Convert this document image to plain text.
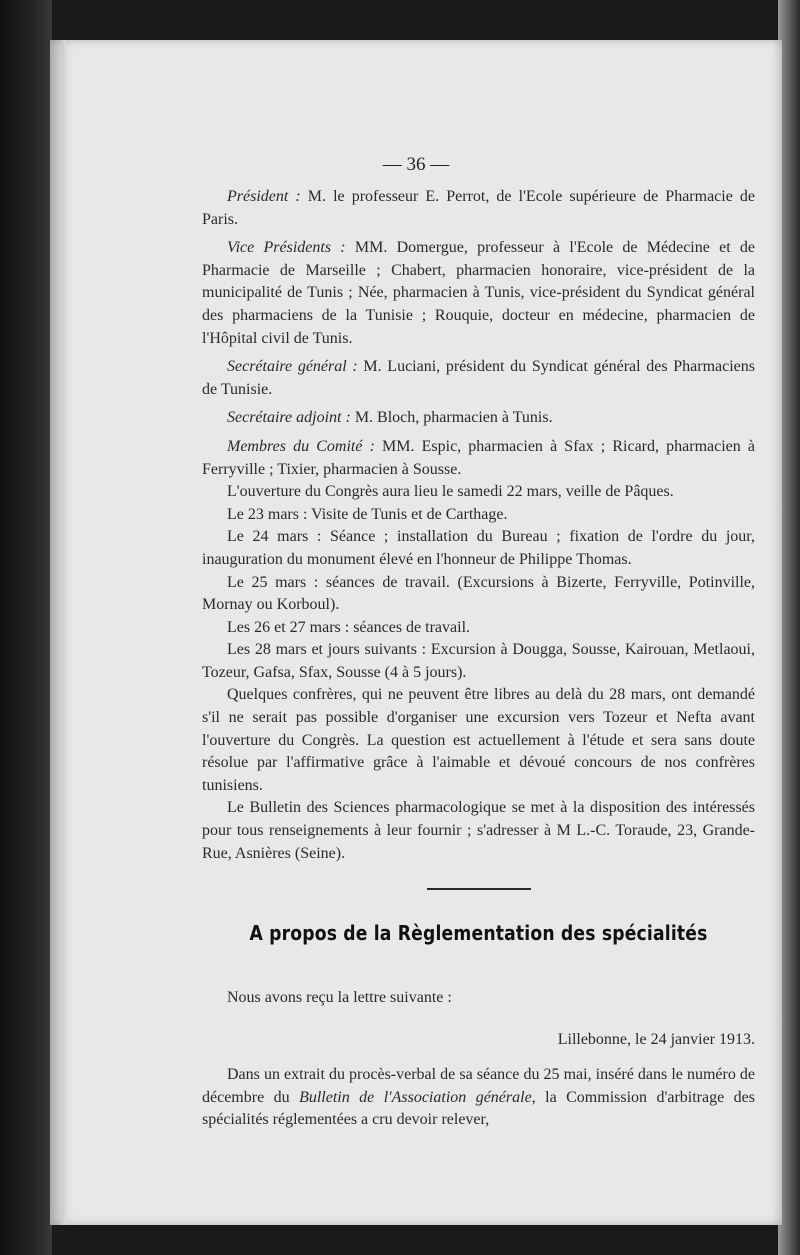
— 36 —

Président : M. le professeur E. Perrot, de l'Ecole supérieure de Pharmacie de Paris.

Vice Présidents : MM. Domergue, professeur à l'Ecole de Médecine et de Pharmacie de Marseille ; Chabert, pharmacien honoraire, vice-président de la municipalité de Tunis ; Née, pharmacien à Tunis, vice-président du Syndicat général des pharmaciens de la Tunisie ; Rouquie, docteur en médecine, pharmacien de l'Hôpital civil de Tunis.

Secrétaire général : M. Luciani, président du Syndicat général des Pharmaciens de Tunisie.

Secrétaire adjoint : M. Bloch, pharmacien à Tunis.

Membres du Comité : MM. Espic, pharmacien à Sfax ; Ricard, pharmacien à Ferryville ; Tixier, pharmacien à Sousse.

L'ouverture du Congrès aura lieu le samedi 22 mars, veille de Pâques.

Le 23 mars : Visite de Tunis et de Carthage.

Le 24 mars : Séance ; installation du Bureau ; fixation de l'ordre du jour, inauguration du monument élevé en l'honneur de Philippe Thomas.

Le 25 mars : séances de travail. (Excursions à Bizerte, Ferryville, Potinville, Mornay ou Korboul).

Les 26 et 27 mars : séances de travail.

Les 28 mars et jours suivants : Excursion à Dougga, Sousse, Kairouan, Metlaoui, Tozeur, Gafsa, Sfax, Sousse (4 à 5 jours).

Quelques confrères, qui ne peuvent être libres au delà du 28 mars, ont demandé s'il ne serait pas possible d'organiser une excursion vers Tozeur et Nefta avant l'ouverture du Congrès. La question est actuellement à l'étude et sera sans doute résolue par l'affirmative grâce à l'aimable et dévoué concours de nos confrères tunisiens.

Le Bulletin des Sciences pharmacologique se met à la disposition des intéressés pour tous renseignements à leur fournir ; s'adresser à M L.-C. Toraude, 23, Grande-Rue, Asnières (Seine).

A propos de la Règlementation des spécialités

Nous avons reçu la lettre suivante :

Lillebonne, le 24 janvier 1913.

Dans un extrait du procès-verbal de sa séance du 25 mai, inséré dans le numéro de décembre du Bulletin de l'Association générale, la Commission d'arbitrage des spécialités réglementées a cru devoir relever,
